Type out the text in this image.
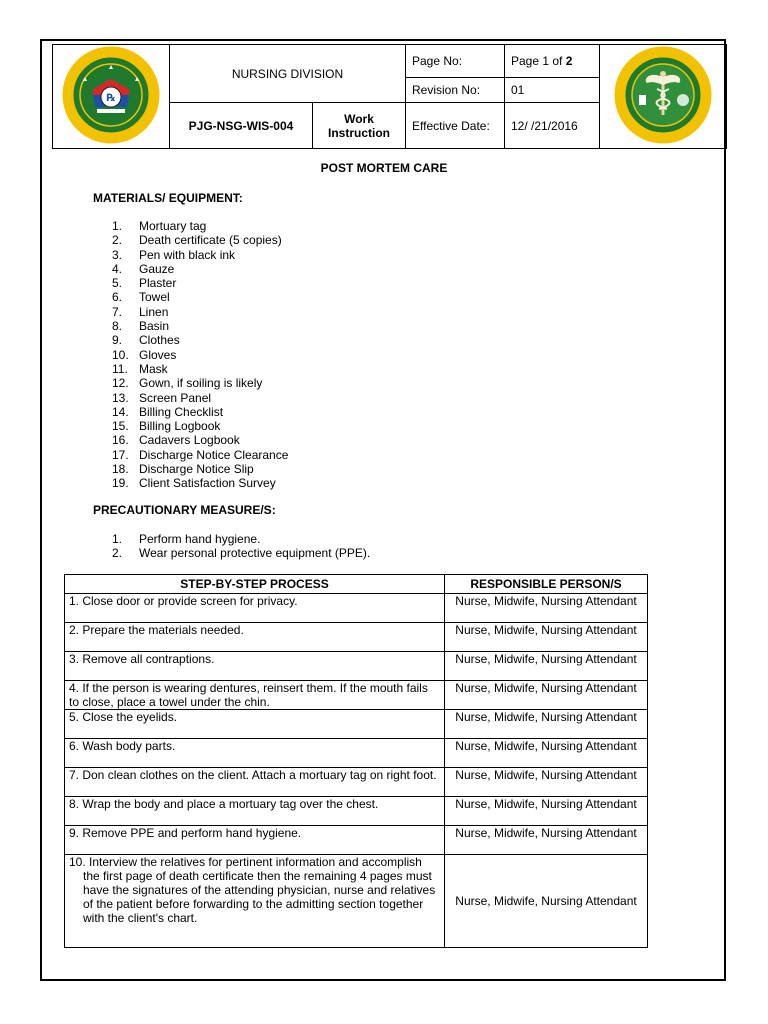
℞	NURSING DIVISION		Page No:	Page 1 of 2	
			Revision No:	01	
	PJG-NSG-WIS-004	Work Instruction	Effective Date:	12/ /21/2016	
POST MORTEM CARE
MATERIALS/ EQUIPMENT:
1.	Mortuary tag
2.	Death certificate (5 copies)
3.	Pen with black ink
4.	Gauze
5.	Plaster
6.	Towel
7.	Linen
8.	Basin
9.	Clothes
10. Gloves
11. Mask
12. Gown, if soiling is likely
13. Screen Panel
14. Billing Checklist
15. Billing Logbook
16. Cadavers Logbook
17. Discharge Notice Clearance
18. Discharge Notice Slip
19. Client Satisfaction Survey
PRECAUTIONARY MEASURE/S:
1.	Perform hand hygiene.
2.	Wear personal protective equipment (PPE).
STEP-BY-STEP PROCESS	RESPONSIBLE PERSON/S

1. Close door or provide screen for privacy.	Nurse, Midwife, Nursing Attendant

2. Prepare the materials needed.	Nurse, Midwife, Nursing Attendant

3. Remove all contraptions.	Nurse, Midwife, Nursing Attendant

4. If the person is wearing dentures, reinsert them. If the mouth fails to close, place a towel under the chin.	Nurse, Midwife, Nursing Attendant

5. Close the eyelids.	Nurse, Midwife, Nursing Attendant

6. Wash body parts.	Nurse, Midwife, Nursing Attendant

7. Don clean clothes on the client. Attach a mortuary tag on right foot.	Nurse, Midwife, Nursing Attendant

8. Wrap the body and place a mortuary tag over the chest.	Nurse, Midwife, Nursing Attendant

9. Remove PPE and perform hand hygiene.	Nurse, Midwife, Nursing Attendant

10. Interview the relatives for pertinent information and accomplish the first page of death certificate then the remaining 4 pages must have the signatures of the attending physician, nurse and relatives of the patient before forwarding to the admitting section together with the client's chart.	Nurse, Midwife, Nursing Attendant
